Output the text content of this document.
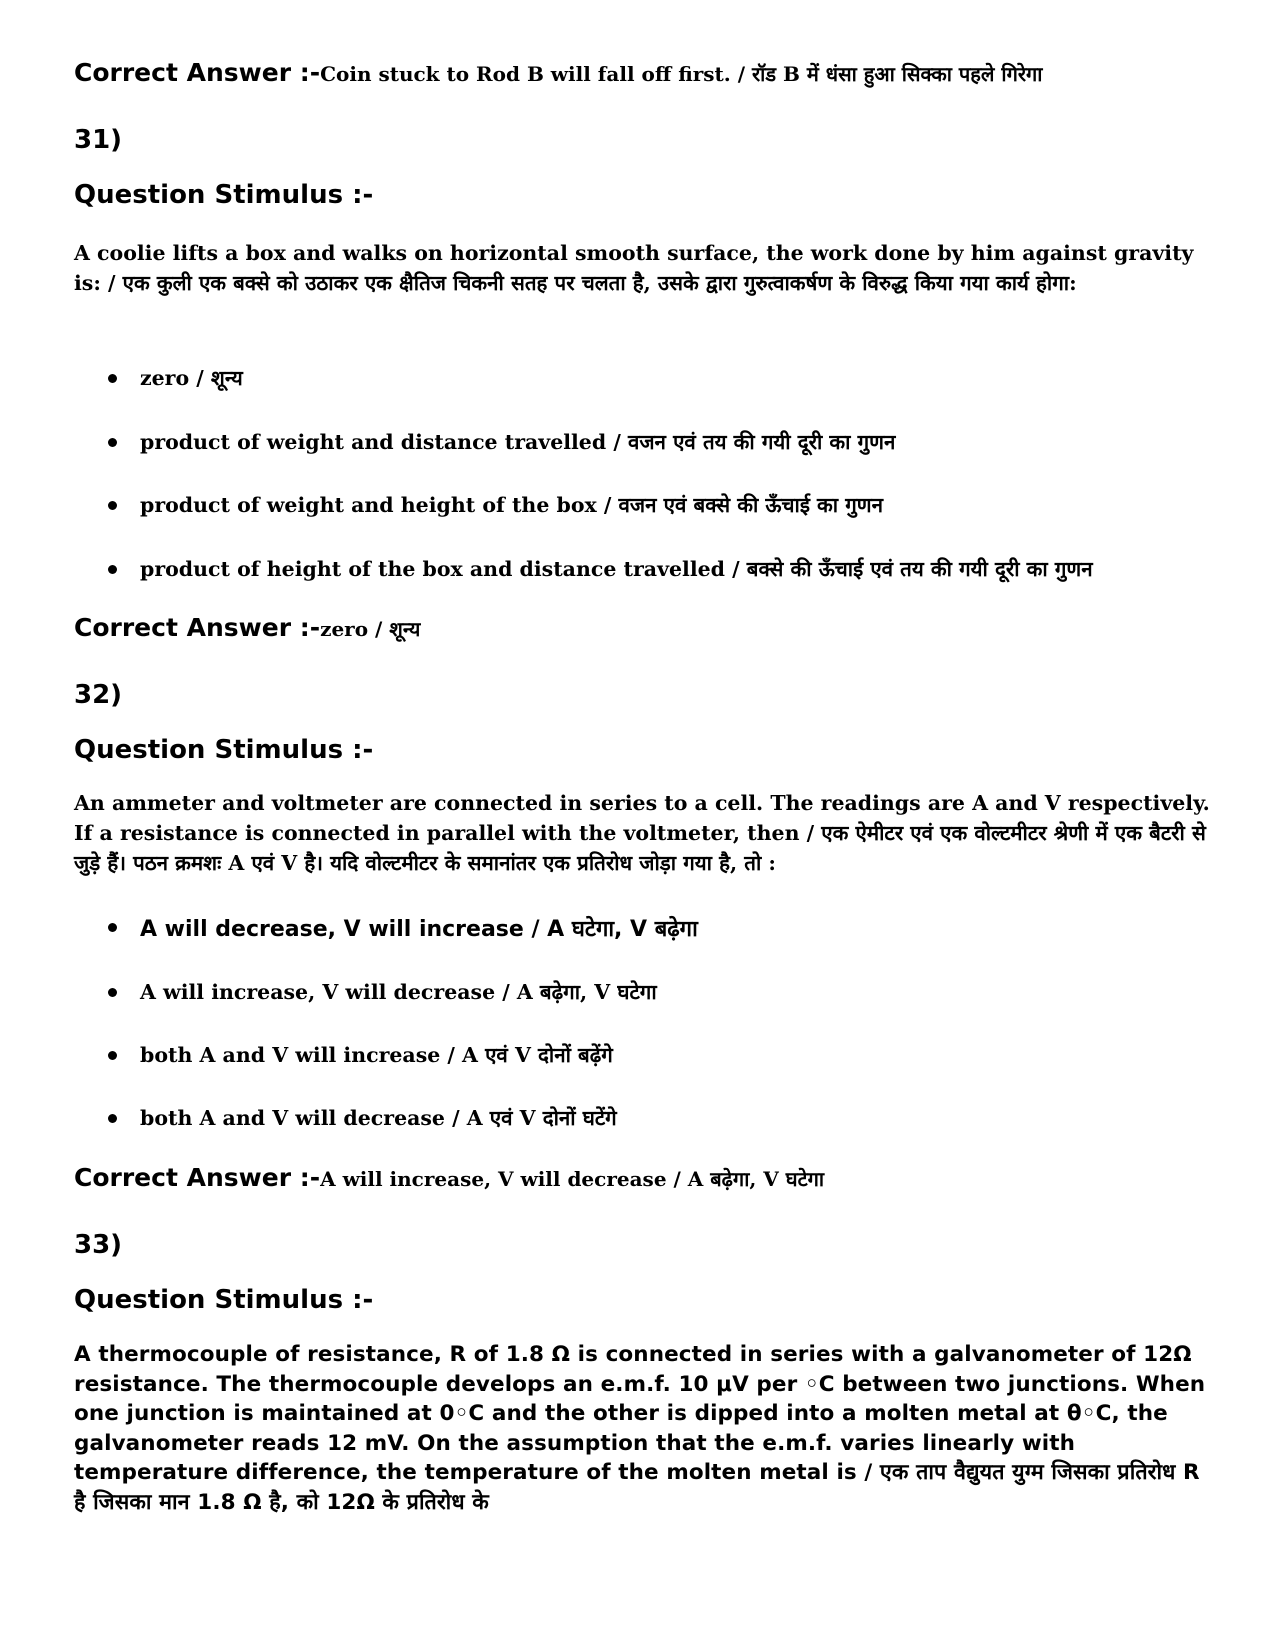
Correct Answer :-Coin stuck to Rod B will fall off first. / रॉड B में धंसा हुआ सिक्का पहले गिरेगा
31)
Question Stimulus :-
A coolie lifts a box and walks on horizontal smooth surface, the work done by him against gravity is: / एक कुली एक बक्से को उठाकर एक क्षैतिज चिकनी सतह पर चलता है, उसके द्वारा गुरुत्वाकर्षण के विरुद्ध किया गया कार्य होगा:
zero / शून्य
product of weight and distance travelled / वजन एवं तय की गयी दूरी का गुणन
product of weight and height of the box / वजन एवं बक्से की ऊँचाई का गुणन
product of height of the box and distance travelled / बक्से की ऊँचाई एवं तय की गयी दूरी का गुणन
Correct Answer :-zero / शून्य
32)
Question Stimulus :-
An ammeter and voltmeter are connected in series to a cell. The readings are A and V respectively. If a resistance is connected in parallel with the voltmeter, then / एक ऐमीटर एवं एक वोल्टमीटर श्रेणी में एक बैटरी से जुड़े हैं। पठन क्रमशः A एवं V है। यदि वोल्टमीटर के समानांतर एक प्रतिरोध जोड़ा गया है, तो :
A will decrease, V will increase / A घटेगा, V बढ़ेगा
A will increase, V will decrease / A बढ़ेगा, V घटेगा
both A and V will increase / A एवं V दोनों बढ़ेंगे
both A and V will decrease / A एवं V दोनों घटेंगे
Correct Answer :-A will increase, V will decrease / A बढ़ेगा, V घटेगा
33)
Question Stimulus :-
A thermocouple of resistance, R of 1.8 Ω is connected in series with a galvanometer of 12Ω resistance. The thermocouple develops an e.m.f. 10 μV per ◦C between two junctions. When one junction is maintained at 0◦C and the other is dipped into a molten metal at θ◦C, the galvanometer reads 12 mV. On the assumption that the e.m.f. varies linearly with temperature difference, the temperature of the molten metal is / एक ताप वैद्युयत युग्म जिसका प्रतिरोध R है जिसका मान 1.8 Ω है, को 12Ω के प्रतिरोध के
